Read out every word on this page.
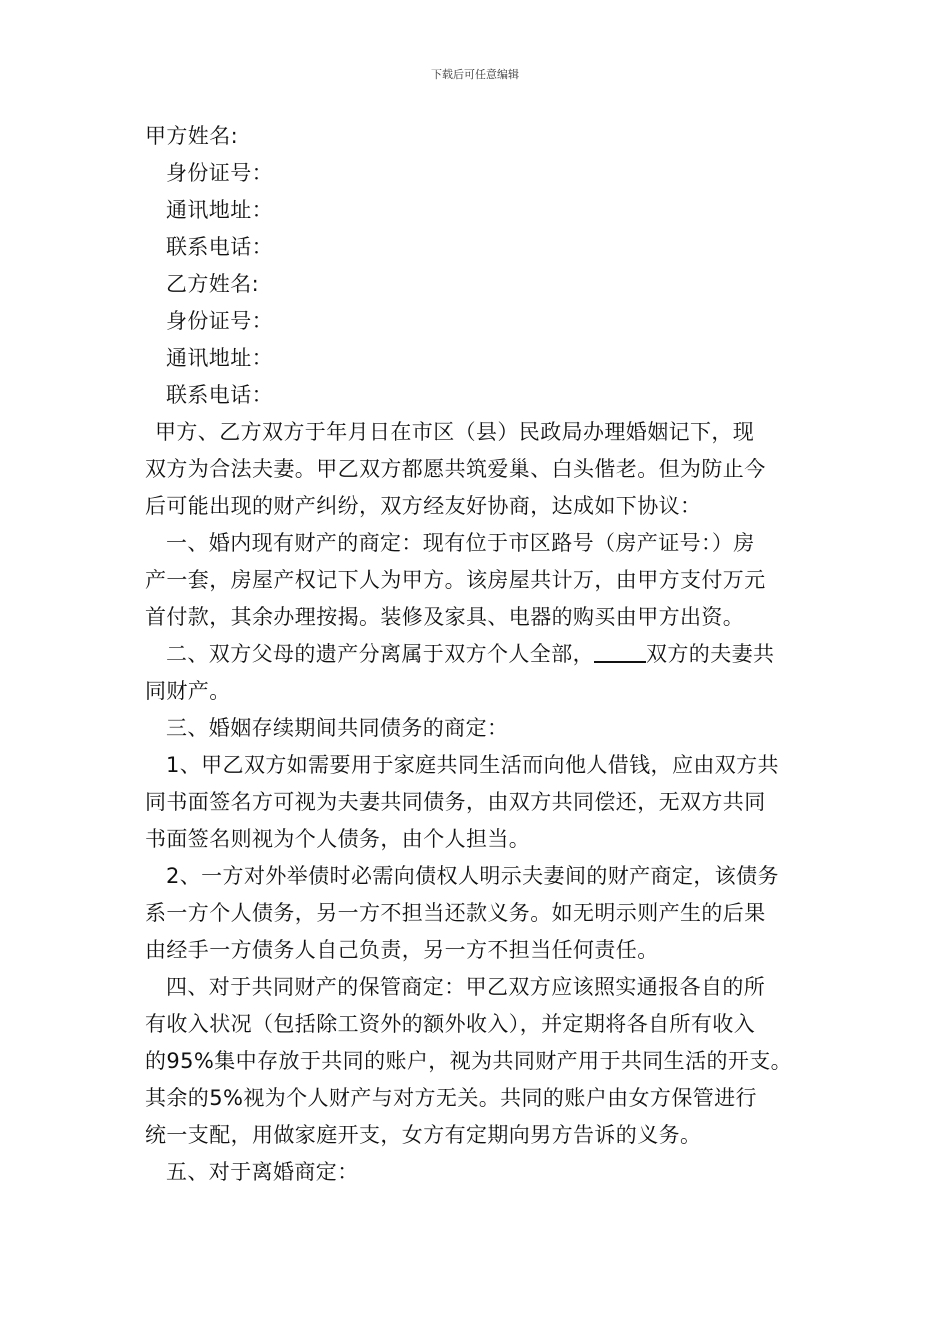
下载后可任意编辑
甲方姓名:
身份证号：
通讯地址：
联系电话：
乙方姓名:
身份证号：
通讯地址：
联系电话：
甲方、乙方双方于年月日在市区（县）民政局办理婚姻记下，现
双方为合法夫妻。甲乙双方都愿共筑爱巢、白头偕老。但为防止今
后可能出现的财产纠纷，双方经友好协商，达成如下协议：
一、婚内现有财产的商定：现有位于市区路号（房产证号：）房
产一套，房屋产权记下人为甲方。该房屋共计万，由甲方支付万元
首付款，其余办理按揭。装修及家具、电器的购买由甲方出资。
二、双方父母的遗产分离属于双方个人全部， 双方的夫妻共
同财产。
三、婚姻存续期间共同债务的商定：
1、甲乙双方如需要用于家庭共同生活而向他人借钱，应由双方共
同书面签名方可视为夫妻共同债务，由双方共同偿还，无双方共同
书面签名则视为个人债务，由个人担当。
2、一方对外举债时必需向债权人明示夫妻间的财产商定，该债务
系一方个人债务，另一方不担当还款义务。如无明示则产生的后果
由经手一方债务人自己负责，另一方不担当任何责任。
四、对于共同财产的保管商定：甲乙双方应该照实通报各自的所
有收入状况（包括除工资外的额外收入），并定期将各自所有收入
的95%集中存放于共同的账户，视为共同财产用于共同生活的开支。
其余的5%视为个人财产与对方无关。共同的账户由女方保管进行
统一支配，用做家庭开支，女方有定期向男方告诉的义务。
五、对于离婚商定：
